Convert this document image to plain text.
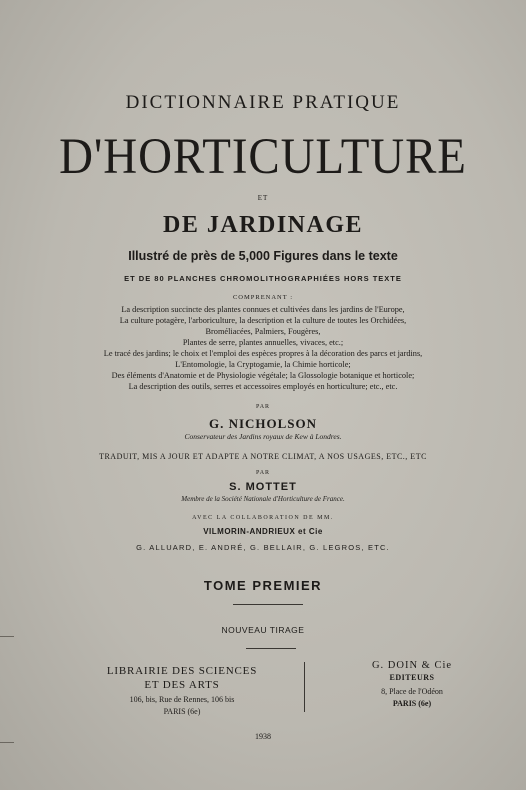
DICTIONNAIRE PRATIQUE
D'HORTICULTURE
ET
DE JARDINAGE
Illustré de près de 5,000 Figures dans le texte
ET DE 80 PLANCHES CHROMOLITHOGRAPHIÉES HORS TEXTE
COMPRENANT :
La description succincte des plantes connues et cultivées dans les jardins de l'Europe,
La culture potagère, l'arboriculture, la description et la culture de toutes les Orchidées,
Broméliacées, Palmiers, Fougères,
Plantes de serre, plantes annuelles, vivaces, etc.;
Le tracé des jardins; le choix et l'emploi des espèces propres à la décoration des parcs et jardins,
L'Entomologie, la Cryptogamie, la Chimie horticole;
Des éléments d'Anatomie et de Physiologie végétale; la Glossologie botanique et horticole;
La description des outils, serres et accessoires employés en horticulture; etc., etc.
PAR
G. NICHOLSON
Conservateur des Jardins royaux de Kew à Londres.
TRADUIT, MIS A JOUR ET ADAPTE A NOTRE CLIMAT, A NOS USAGES, ETC., ETC
PAR
S. MOTTET
Membre de la Société Nationale d'Horticulture de France.
AVEC LA COLLABORATION DE MM.
VILMORIN-ANDRIEUX et Cie
G. ALLUARD, E. ANDRÉ, G. BELLAIR, G. LEGROS, ETC.
TOME PREMIER
NOUVEAU TIRAGE
LIBRAIRIE DES SCIENCES
ET DES ARTS
106, bis, Rue de Rennes, 106 bis
PARIS (6e)
G. DOIN & Cie
EDITEURS
8, Place de l'Odéon
PARIS (6e)
1938
